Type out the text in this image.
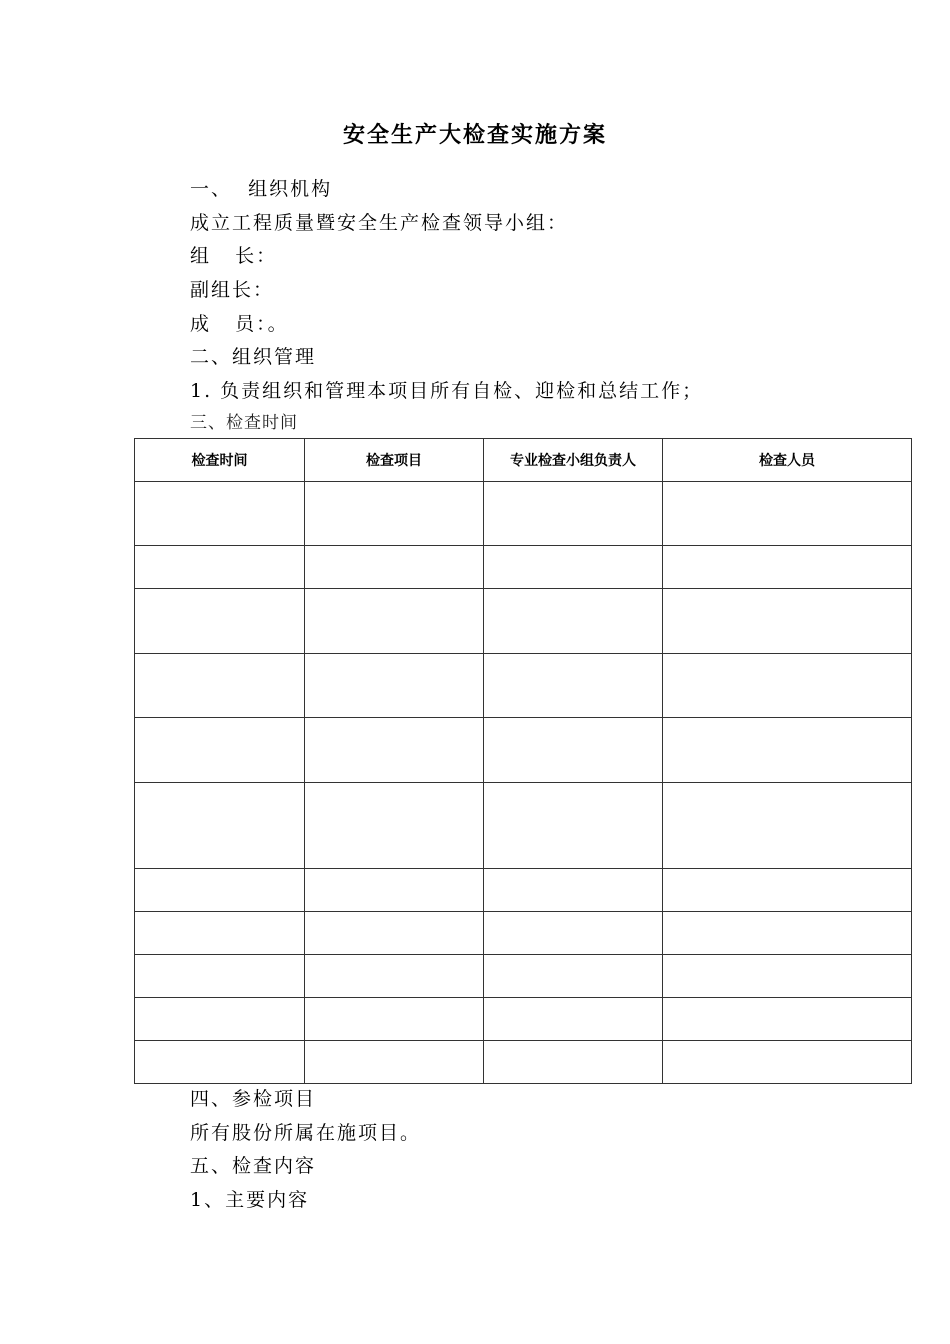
安全生产大检查实施方案
一、  组织机构
成立工程质量暨安全生产检查领导小组：
组   长：
副组长：
成   员：。
二、组织管理
1. 负责组织和管理本项目所有自检、迎检和总结工作；
三、检查时间
检查时间	检查项目	专业检查小组负责人	检查人员

四、参检项目
所有股份所属在施项目。
五、检查内容
1、主要内容
